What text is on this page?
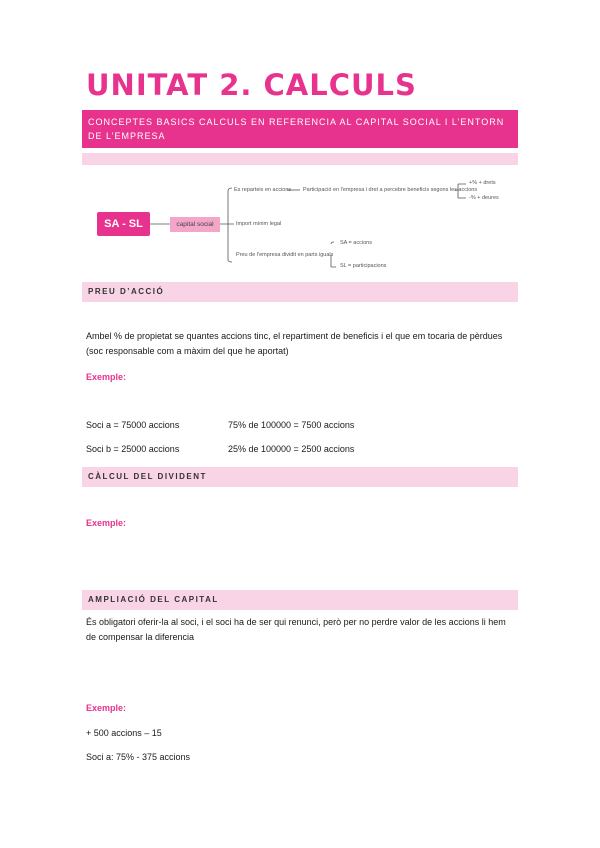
UNITAT 2. CALCULS
CONCEPTES BASICS CALCULS EN REFERENCIA AL CAPITAL SOCIAL I L’ENTORN DE L’EMPRESA
SA - SL	capital social
Es reparteix en accions Participació en l'empresa i dret a percebre beneficis segons les accions
+% + drets
-% + deures
Import mínim legal
Preu de l'empresa dividit en parts iguals
SA = accions
SL = participacions
PREU D’ACCIÓ
Ambel % de propietat se quantes accions tinc, el repartiment de beneficis i el que em tocaria de pèrdues (soc responsable com a màxim del que he aportat)
Exemple:
Soci a = 75000 accions	75% de 100000 = 7500 accions
Soci b = 25000 accions	25% de 100000 = 2500 accions
CÀLCUL DEL DIVIDENT
Exemple:
AMPLIACIÓ DEL CAPITAL
És obligatori oferir-la al soci, i el soci ha de ser qui renunci, però per no perdre valor de les accions li hem de compensar la diferencia
Exemple:
+ 500 accions – 15
Soci a: 75% - 375 accions
